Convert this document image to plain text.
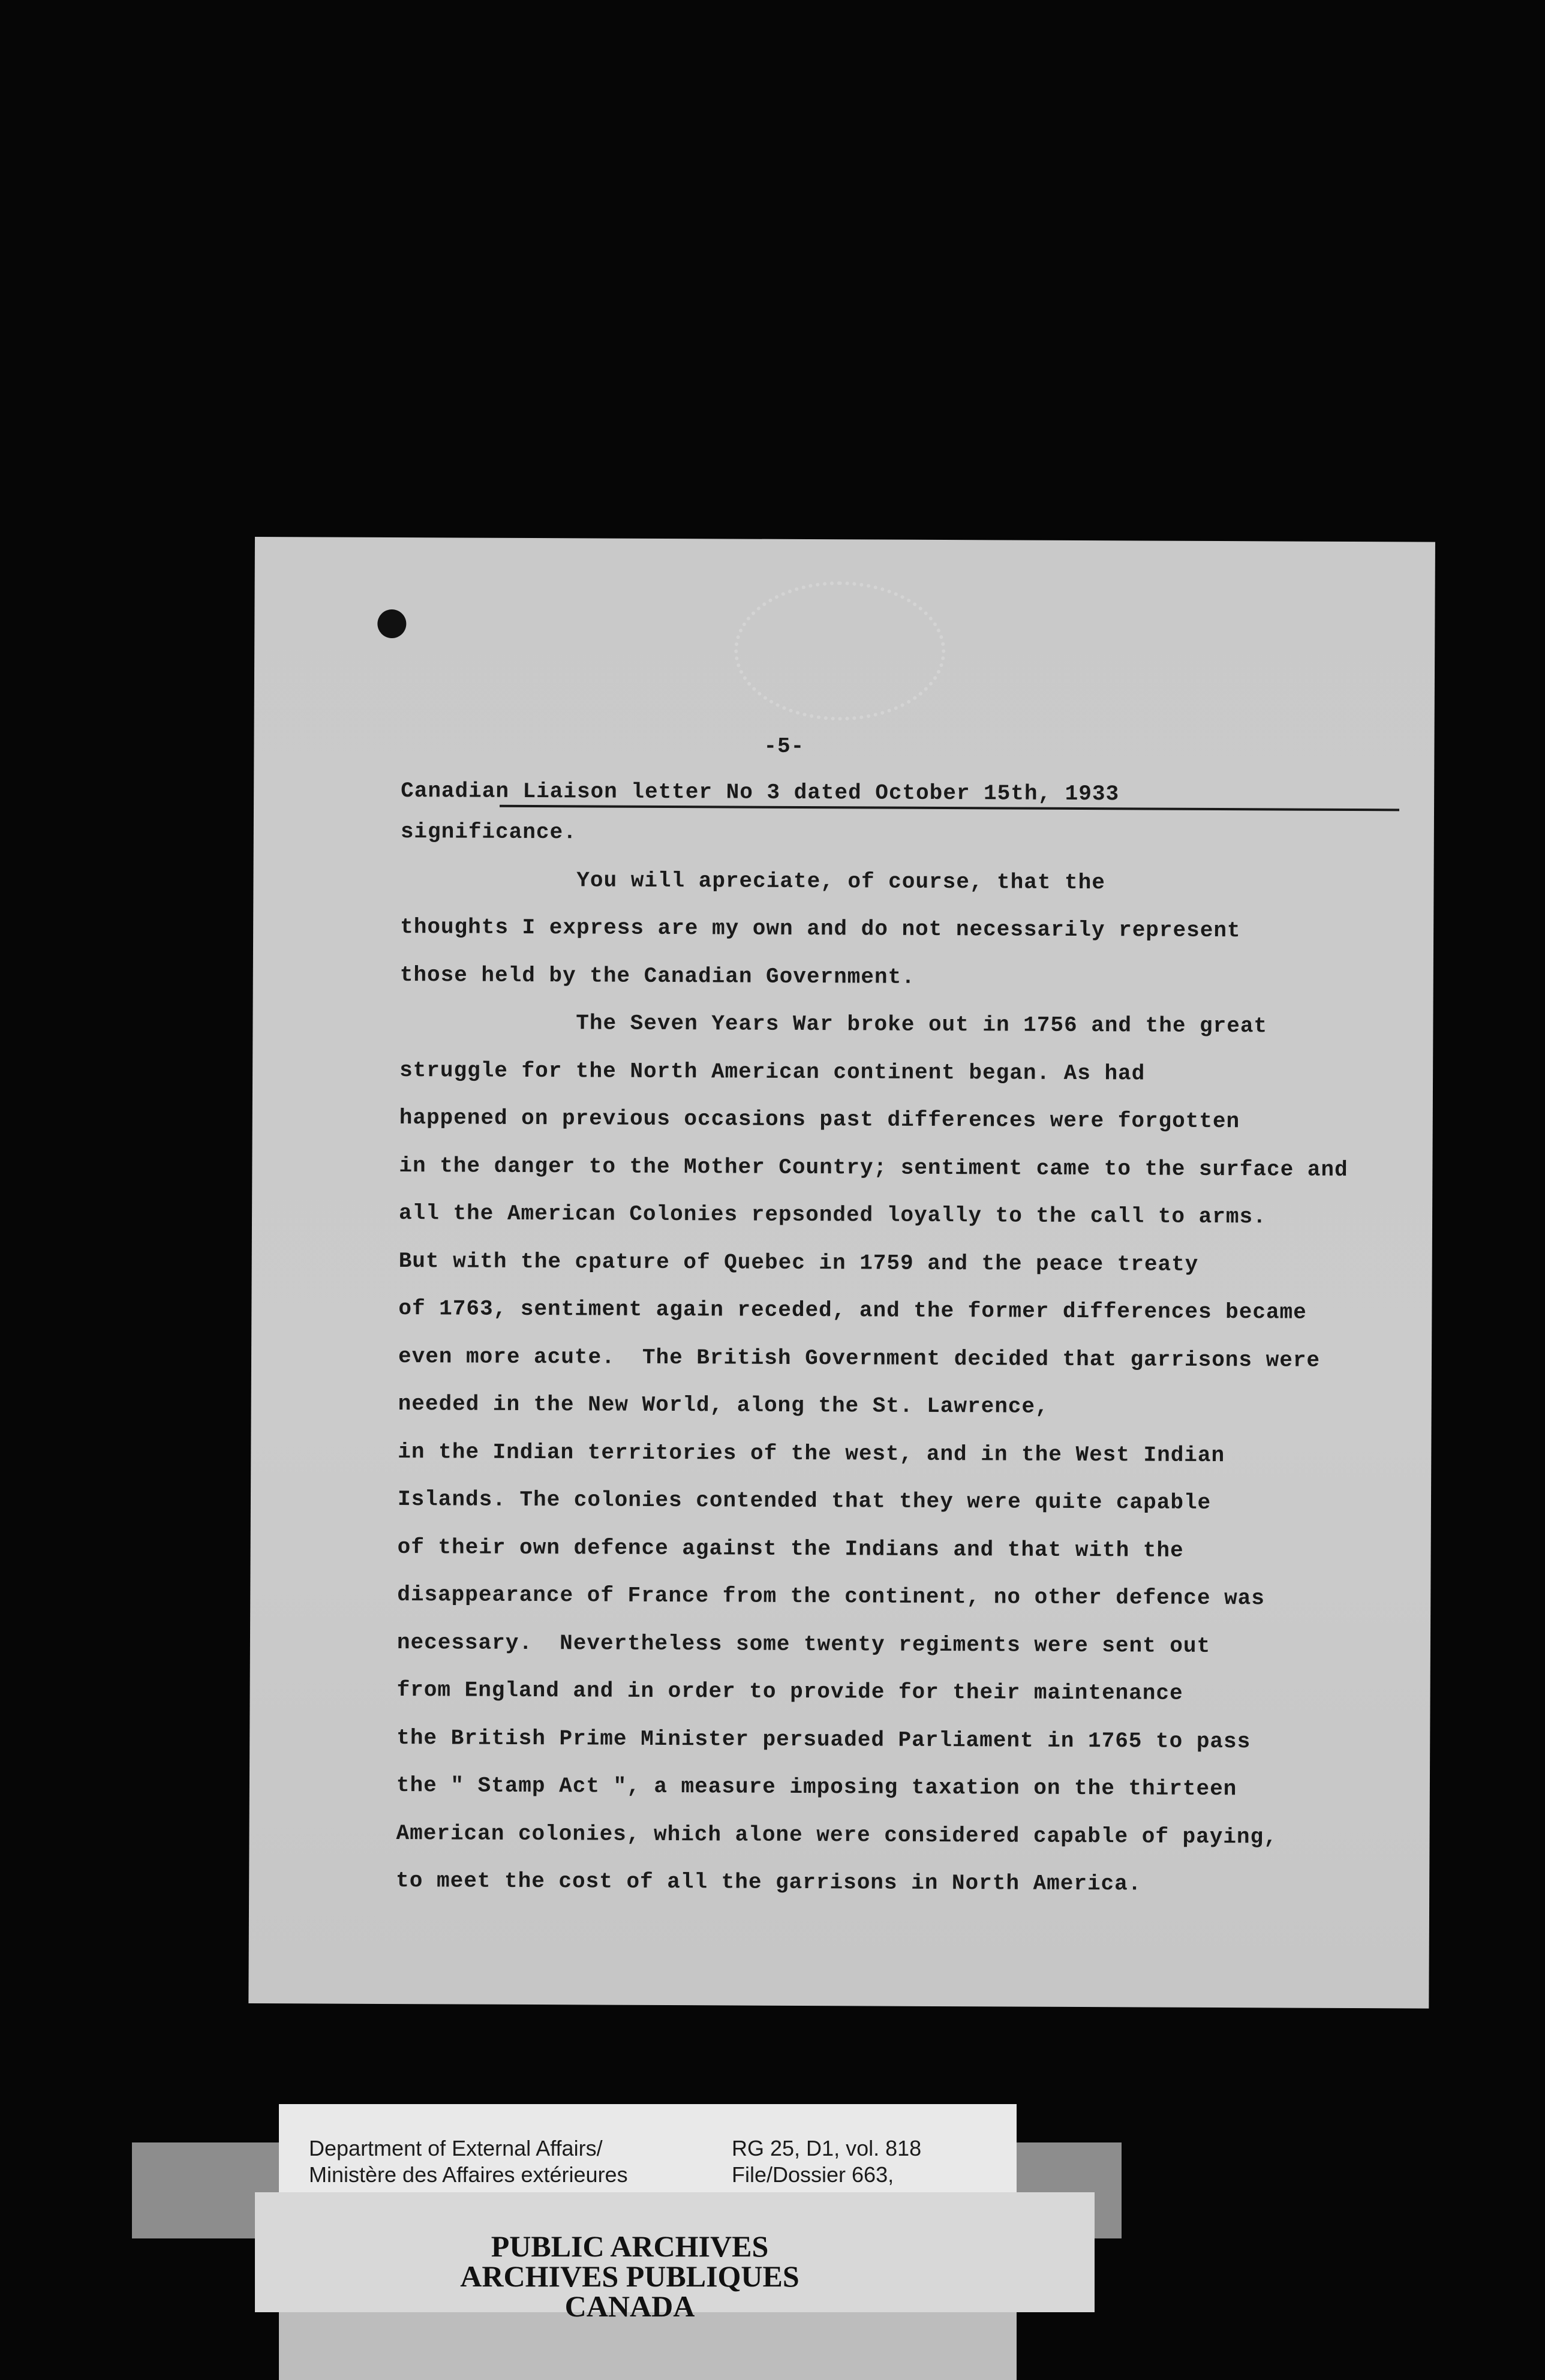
-5-
Canadian Liaison letter No 3 dated October 15th, 1933
significance.
You will apreciate, of course, that the
thoughts I express are my own and do not necessarily represent
those held by the Canadian Government.
The Seven Years War broke out in 1756 and the great
struggle for the North American continent began. As had
happened on previous occasions past differences were forgotten
in the danger to the Mother Country; sentiment came to the surface and
all the American Colonies repsonded loyally to the call to arms.
But with the cpature of Quebec in 1759 and the peace treaty
of 1763, sentiment again receded, and the former differences became
even more acute.  The British Government decided that garrisons were
needed in the New World, along the St. Lawrence,
in the Indian territories of the west, and in the West Indian
Islands. The colonies contended that they were quite capable
of their own defence against the Indians and that with the
disappearance of France from the continent, no other defence was
necessary.  Nevertheless some twenty regiments were sent out
from England and in order to provide for their maintenance
the British Prime Minister persuaded Parliament in 1765 to pass
the " Stamp Act ", a measure imposing taxation on the thirteen
American colonies, which alone were considered capable of paying,
to meet the cost of all the garrisons in North America.
Department of External Affairs/
Ministère des Affaires extérieures
RG 25, D1, vol. 818
File/Dossier 663,
PUBLIC ARCHIVES
ARCHIVES PUBLIQUES
CANADA
